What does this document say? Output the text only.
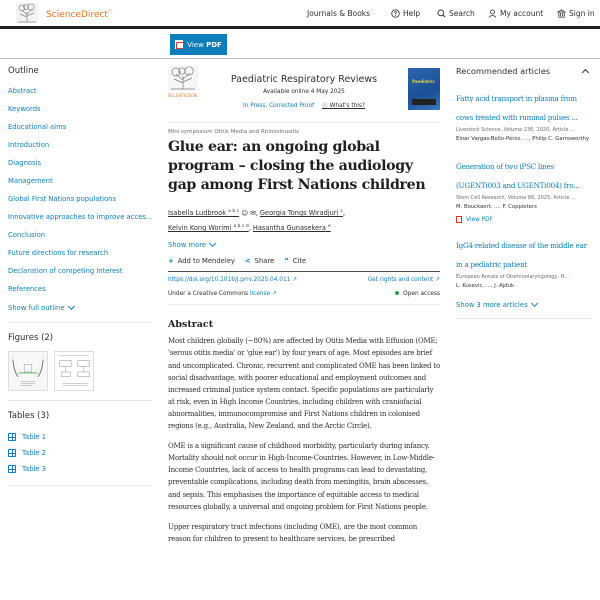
ScienceDirect™	Journals & Books	Help	Search	My account	Sign in
View PDF
Outline
Abstract
Keywords
Educational aims
Introduction
Diagnosis
Management
Global First Nations populations
Innovative approaches to improve acces...
Conclusion
Future directions for research
Declaration of competing interest
References
Show full outline
Figures (2)
Tables (3)
Table 1
Table 2
Table 3
ELSEVIER
Paediatric Respiratory Reviews
Available online 4 May 2025
In Press, Corrected Proof ⓘ What's this?
Paediatric
Mini symposium Otitis Media and Rhinosinusitis
Glue ear: an ongoing global program – closing the audiology gap among First Nations children
Isabella Ludbrook $^{a b c}$ ☺ ✉, Georgia Tongs Wiradjuri $^c$,
Kelvin Kong Worimi $^{a b c d}$, Hasantha Gunasekera $^e$
Show more
+ Add to Mendeley < Share ” Cite
https://doi.org/10.1016/j.prrv.2025.04.011 ↗	Get rights and content ↗
Under a Creative Commons license ↗	Open access
Abstract

Most children globally (~80%) are affected by Otitis Media with Effusion (OME; 'serous otitis media' or 'glue ear') by four years of age. Most episodes are brief and uncomplicated. Chronic, recurrent and complicated OME has been linked to social disadvantage, with poorer educational and employment outcomes and increased criminal justice system contact. Specific populations are particularly at risk, even in High Income Countries, including children with craniofacial abnormalities, immunocompromise and First Nations children in colonised regions (e.g., Australia, New Zealand, and the Arctic Circle).

OME is a significant cause of childhood morbidity, particularly during infancy. Mortality should not occur in High-Income-Countries. However, in Low-Middle-Income Countries, lack of access to health programs can lead to devastating, preventable complications, including death from meningitis, brain abscesses, and sepsis. This emphasises the importance of equitable access to medical resources globally, a universal and ongoing problem for First Nations people.

Upper respiratory tract infections (including OME), are the most common reason for children to present to healthcare services, be prescribed

Recommended articles
Fatty acid transport in plasma from cows treated with ruminal pulses ...
Livestock Science, Volume 236, 2020, Article ...
Einar Vargas-Bello-Pérez, ..., Philip C. Garnsworthy
Generation of two iPSC lines (UGENTi003 and UGENTi004) fro...
Stem Cell Research, Volume 86, 2025, Article ...
M. Bouckaert, ..., F. Coppieters
View PDF
IgG4-related disease of the middle ear in a pediatric patient
European Annals of Otorhinolaryngology, H...
L. Kusevic, ..., J. Ajduk
Show 3 more articles
